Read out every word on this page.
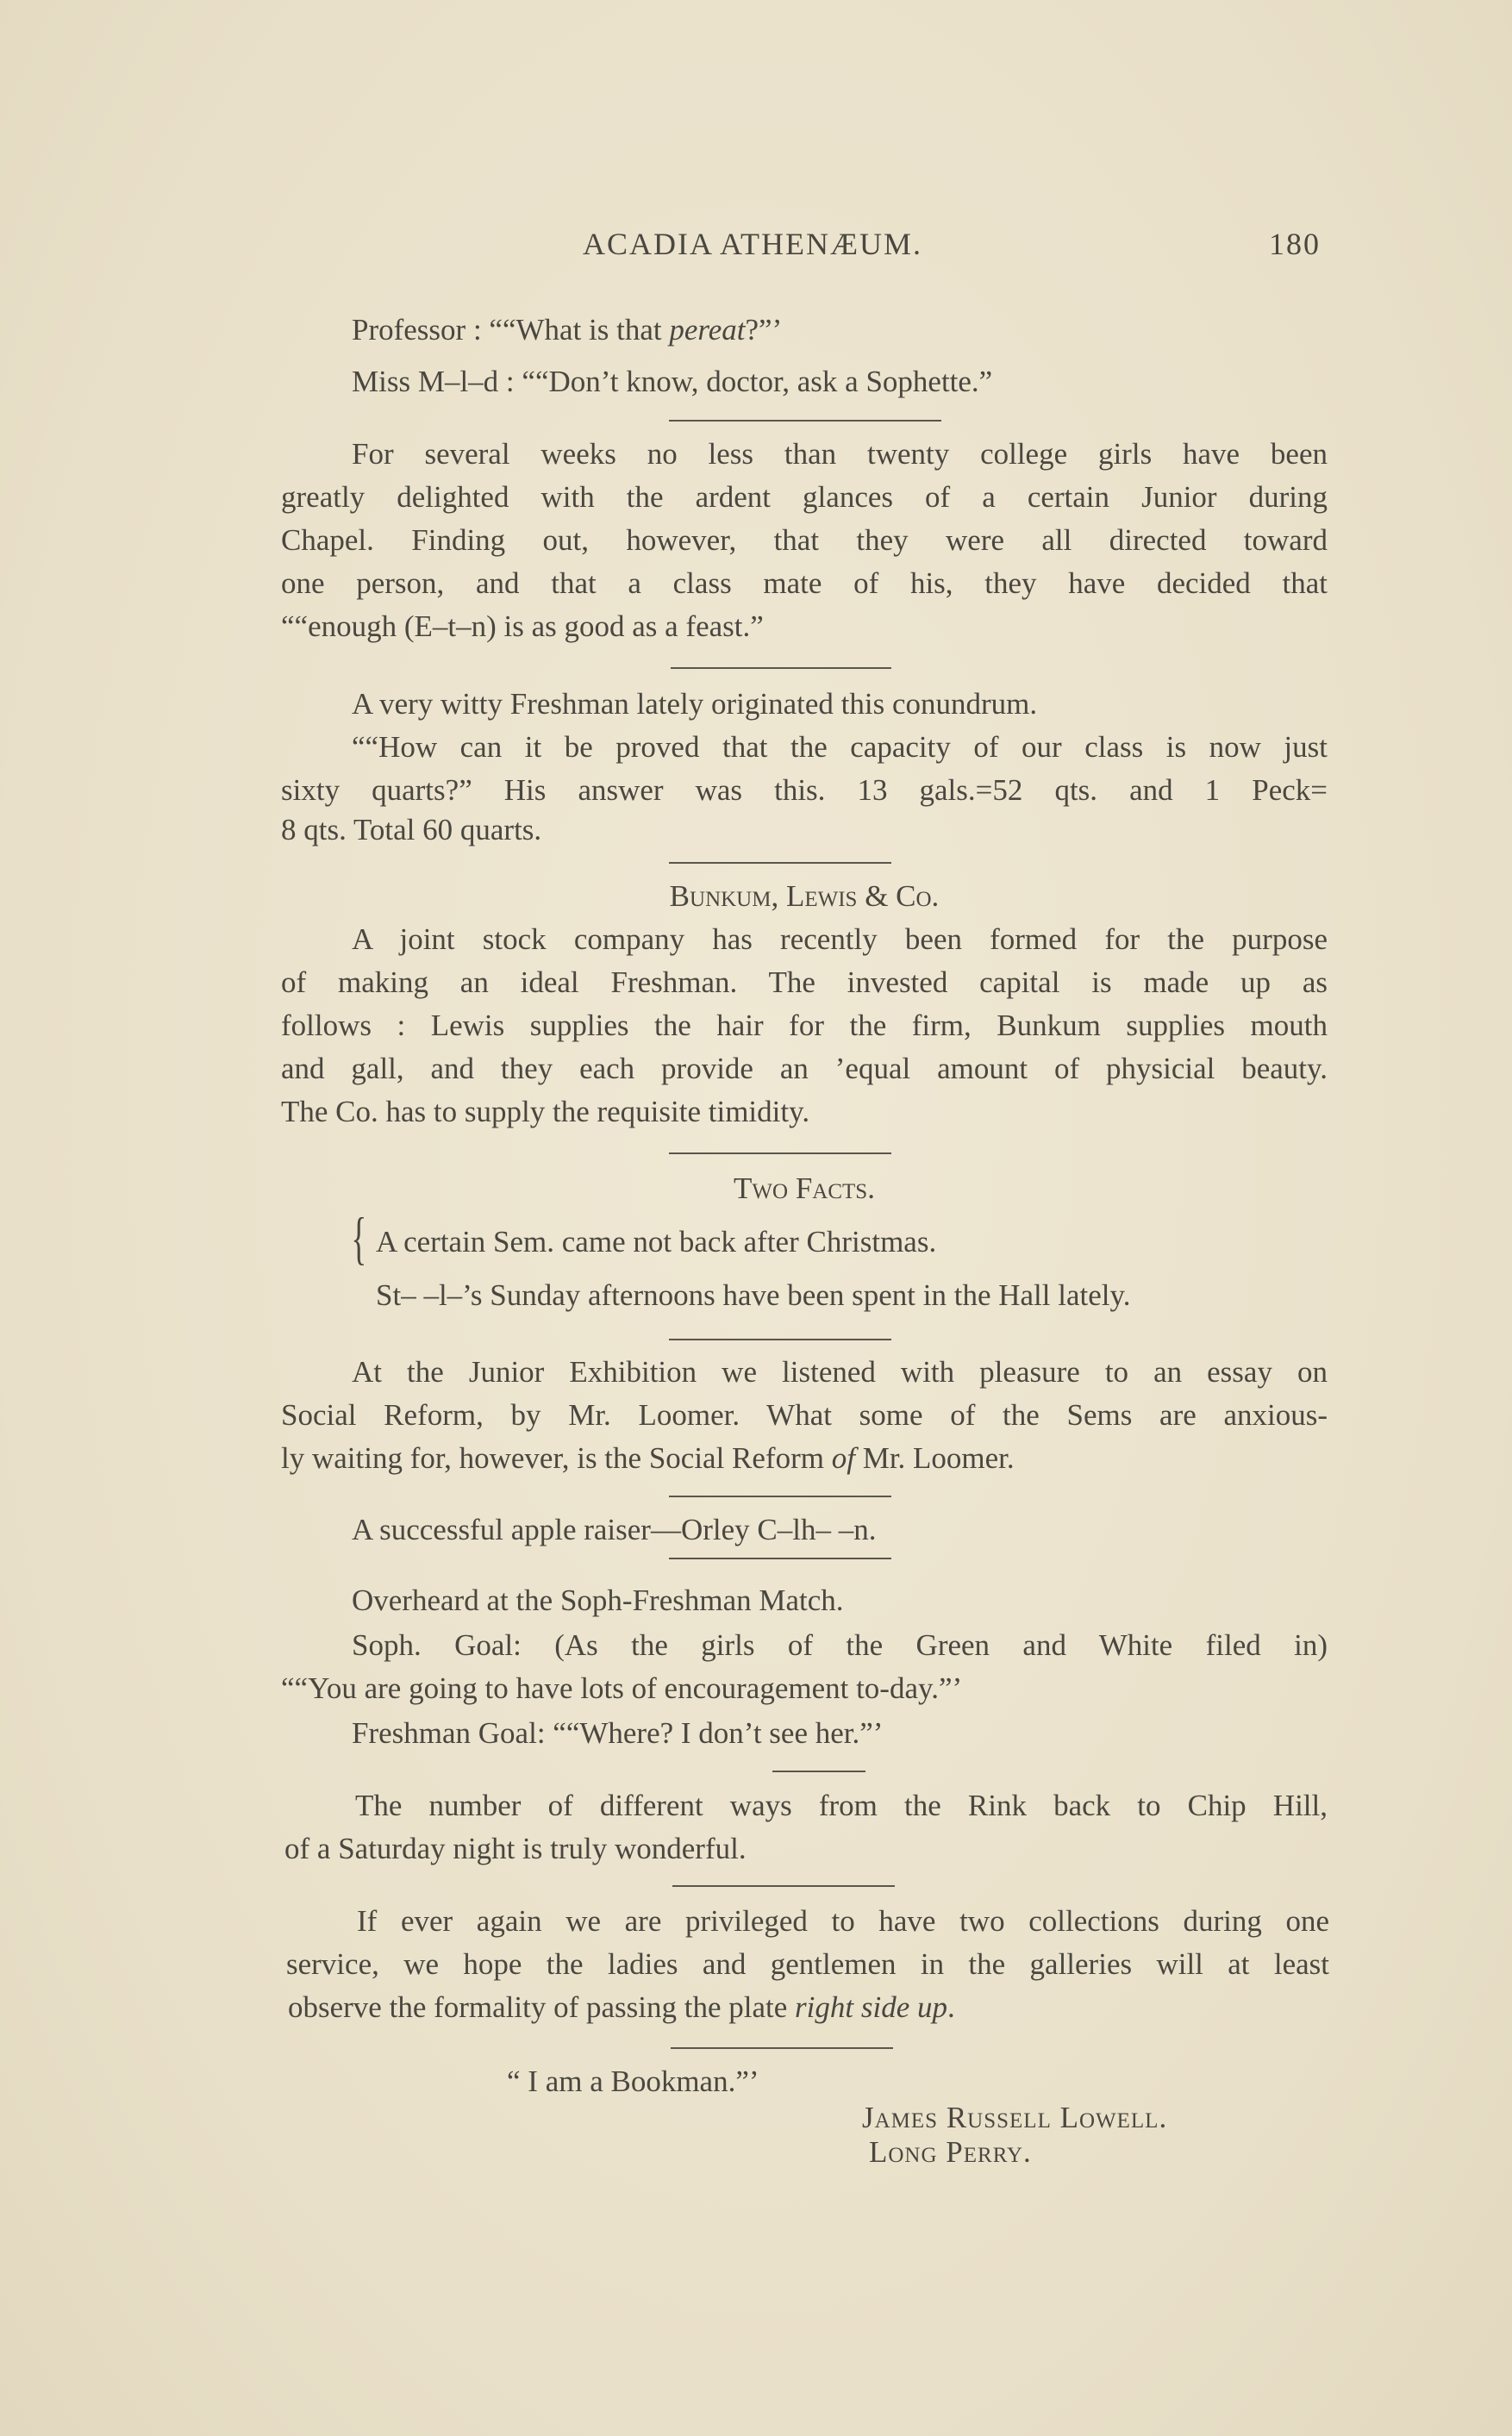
ACADIA ATHENÆUM.	180
Professor : ““What is that pereat?”’
Miss M–l–d : ““Don’t know, doctor, ask a Sophette.”
For several weeks no less than twenty college girls have been
greatly delighted with the ardent glances of a certain Junior during
Chapel. Finding out, however, that they were all directed toward
one person, and that a class mate of his, they have decided that
““enough (E–t–n) is as good as a feast.”
A very witty Freshman lately originated this conundrum.
““How can it be proved that the capacity of our class is now just
sixty quarts?” His answer was this. 13 gals.=52 qts. and 1 Peck=
8 qts. Total 60 quarts.
Bunkum, Lewis & Co.
A joint stock company has recently been formed for the purpose
of making an ideal Freshman. The invested capital is made up as
follows : Lewis supplies the hair for the firm, Bunkum supplies mouth
and gall, and they each provide an ’equal amount of physicial beauty.
The Co. has to supply the requisite timidity.
Two Facts.
{ A certain Sem. came not back after Christmas.
St– –l–’s Sunday afternoons have been spent in the Hall lately.
At the Junior Exhibition we listened with pleasure to an essay on
Social Reform, by Mr. Loomer. What some of the Sems are anxious-
ly waiting for, however, is the Social Reform of Mr. Loomer.
A successful apple raiser—Orley C–lh– –n.
Overheard at the Soph-Freshman Match.
Soph. Goal: (As the girls of the Green and White filed in)
““You are going to have lots of encouragement to-day.”’
Freshman Goal: ““Where? I don’t see her.”’
The number of different ways from the Rink back to Chip Hill,
of a Saturday night is truly wonderful.
If ever again we are privileged to have two collections during one
service, we hope the ladies and gentlemen in the galleries will at least
observe the formality of passing the plate right side up.
“ I am a Bookman.”’
James Russell Lowell.
Long Perry.
